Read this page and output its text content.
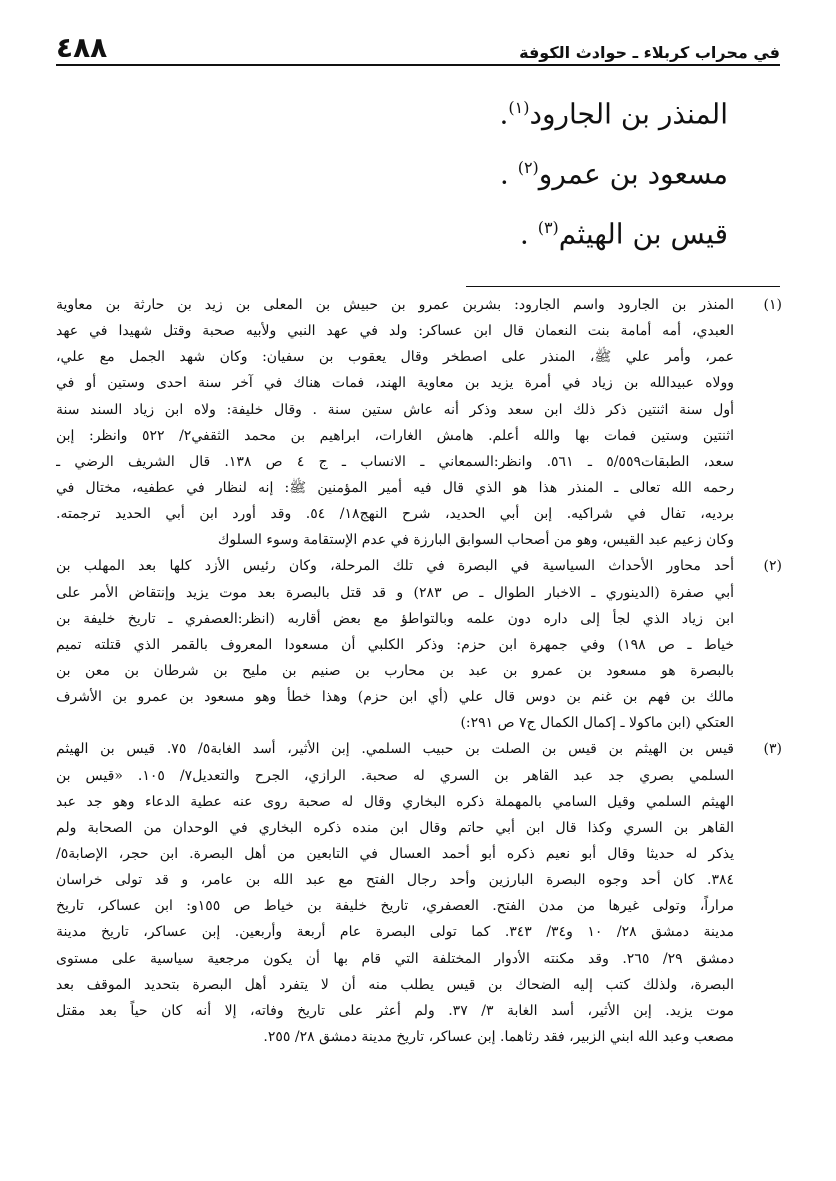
في محراب كربلاء ـ حوادث الكوفة
٤٨٨
المنذر بن الجارود$^{(١)}$.
مسعود بن عمرو$^{(٢)}$ .
قيس بن الهيثم$^{(٣)}$ .
(١)
المنذر بن الجارود واسم الجارود: بشربن عمرو بن حبيش بن المعلى بن زيد بن حارثة بن معاوية
العبدي، أمه أمامة بنت النعمان قال ابن عساكر: ولد في عهد النبي ولأبيه صحبة وقتل شهيدا في عهد
عمر، وأمر علي ﷺ، المنذر على اصطخر وقال يعقوب بن سفيان: وكان شهد الجمل مع علي،
وولاه عبيدالله بن زياد في أمرة يزيد بن معاوية الهند، فمات هناك في آخر سنة احدى وستين أو في
أول سنة اثنتين ذكر ذلك ابن سعد وذكر أنه عاش ستين سنة . وقال خليفة: ولاه ابن زياد السند سنة
اثنتين وستين فمات بها والله أعلم. هامش الغارات، ابراهيم بن محمد الثقفي٢/ ٥٢٢ وانظر: إبن
سعد، الطبقات٥/٥٥٩ ـ ٥٦١. وانظر:السمعاني ـ الانساب ـ ج ٤ ص ١٣٨. قال الشريف الرضي ـ
رحمه الله تعالى ـ المنذر هذا هو الذي قال فيه أمير المؤمنين ﷺ: إنه لنظار في عطفيه، مختال في
برديه، تفال في شراكيه. إبن أبي الحديد، شرح النهج١٨/ ٥٤. وقد أورد ابن أبي الحديد ترجمته.
وكان زعيم عبد القيس، وهو من أصحاب السوابق البارزة في عدم الإستقامة وسوء السلوك
(٢)
أحد محاور الأحداث السياسية في البصرة في تلك المرحلة، وكان رئيس الأزد كلها بعد المهلب بن
أبي صفرة (الدينوري ـ الاخبار الطوال ـ ص ٢٨٣) و قد قتل بالبصرة بعد موت يزيد وإنتقاض الأمر على
ابن زياد الذي لجأ إلى داره دون علمه وبالتواطؤ مع بعض أقاربه (انظر:العصفري ـ تاريخ خليفة بن
خياط ـ ص ١٩٨) وفي جمهرة ابن حزم: وذكر الكلبي أن مسعودا المعروف بالقمر الذي قتلته تميم
بالبصرة هو مسعود بن عمرو بن عبد بن محارب بن صنيم بن مليح بن شرطان بن معن بن
مالك بن فهم بن غنم بن دوس قال علي (أي ابن حزم) وهذا خطأ وهو مسعود بن عمرو بن الأشرف
العتكي (ابن ماكولا ـ إكمال الكمال ج٧ ص ٢٩١:)
(٣)
قيس بن الهيثم بن قيس بن الصلت بن حبيب السلمي. إبن الأثير، أسد الغابة٥/ ٧٥. قيس بن الهيثم
السلمي بصري جد عبد القاهر بن السري له صحبة. الرازي، الجرح والتعديل٧/ ١٠٥. «قيس بن
الهيثم السلمي وقيل السامي بالمهملة ذكره البخاري وقال له صحبة روى عنه عطية الدعاء وهو جد عبد
القاهر بن السري وكذا قال ابن أبي حاتم وقال ابن منده ذكره البخاري في الوحدان من الصحابة ولم
يذكر له حديثا وقال أبو نعيم ذكره أبو أحمد العسال في التابعين من أهل البصرة. ابن حجر، الإصابة٥/
٣٨٤. كان أحد وجوه البصرة البارزين وأحد رجال الفتح مع عبد الله بن عامر، و قد تولى خراسان
مراراً، وتولى غيرها من مدن الفتح. العصفري، تاريخ خليفة بن خياط ص ١٥٥و: ابن عساكر، تاريخ
مدينة دمشق ٢٨/ ١٠ و٣٤/ ٣٤٣. كما تولى البصرة عام أربعة وأربعين. إبن عساكر، تاريخ مدينة
دمشق ٢٩/ ٢٦٥. وقد مكنته الأدوار المختلفة التي قام بها أن يكون مرجعية سياسية على مستوى
البصرة، ولذلك كتب إليه الضحاك بن قيس يطلب منه أن لا يتفرد أهل البصرة بتحديد الموقف بعد
موت يزيد. إبن الأثير، أسد الغابة ٣/ ٣٧. ولم أعثر على تاريخ وفاته، إلا أنه كان حياً بعد مقتل
مصعب وعبد الله ابني الزبير، فقد رثاهما. إبن عساكر، تاريخ مدينة دمشق ٢٨/ ٢٥٥.
